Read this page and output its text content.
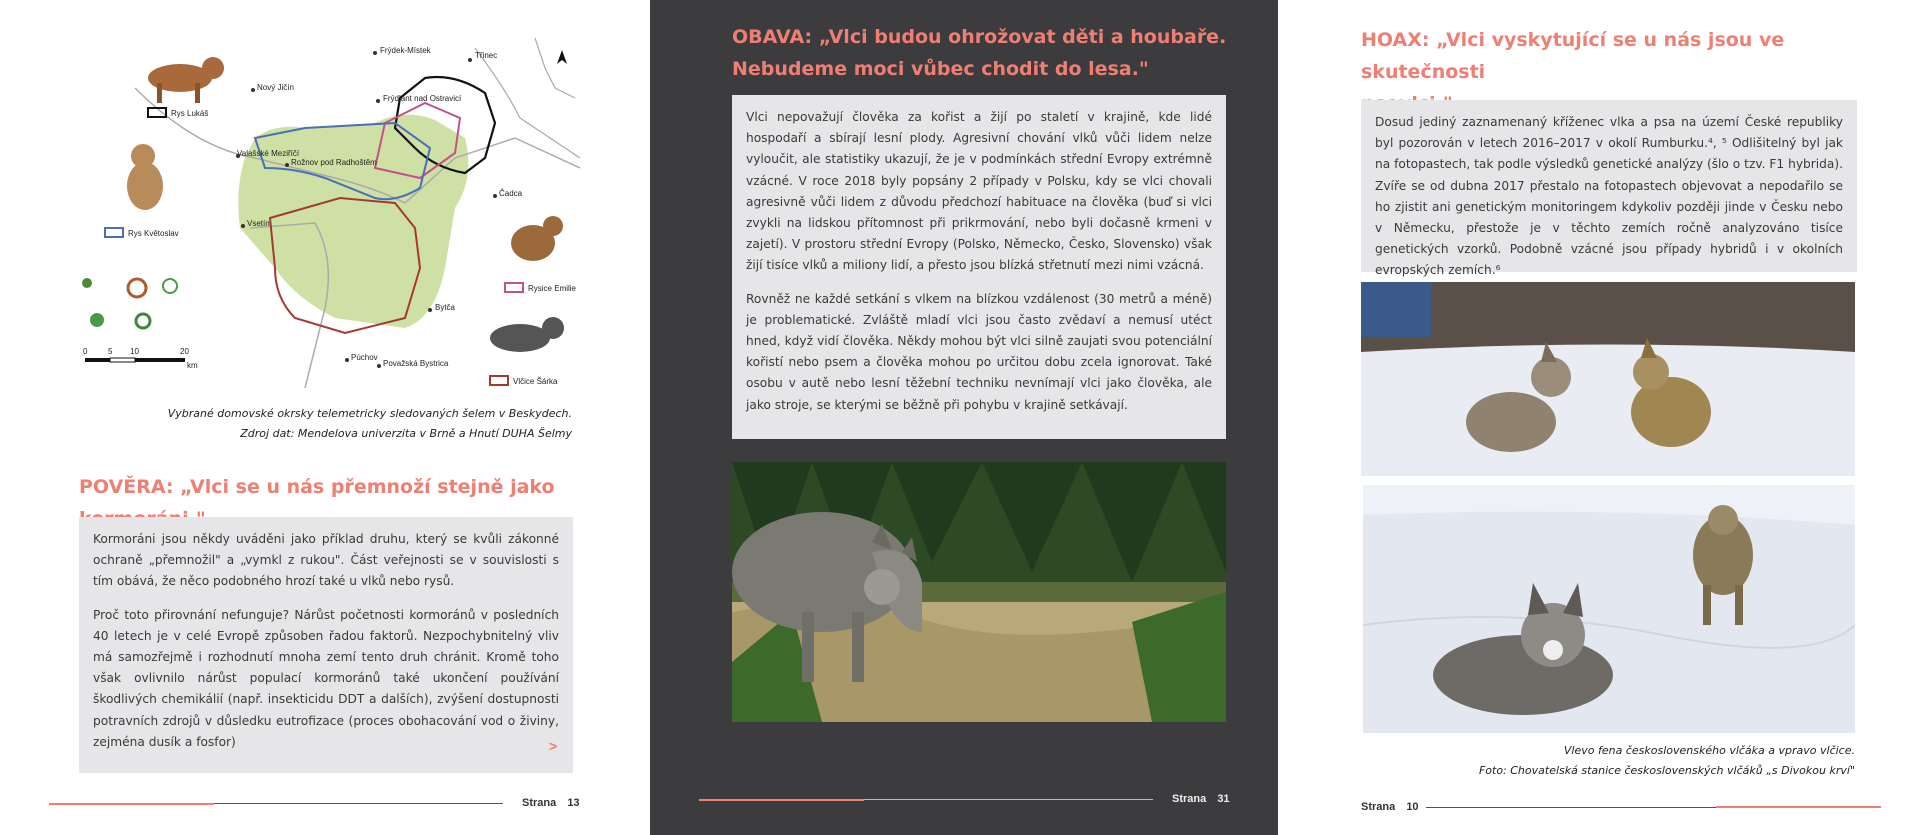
Frýdek-Místek
Nový Jičín
Frýdlant nad Ostravicí
Třinec
Valašské Meziříčí
Rožnov pod Radhoštěm
Vsetín
Čadca
Bytča
Púchov
Považská Bystrica
Rys Lukáš
Rys Květoslav
Rysice Emilie
Vlčice Šárka
0	5 10	20
km
Vybrané domovské okrsky telemetricky sledovaných šelem v Beskydech.
Zdroj dat: Mendelova univerzita v Brně a Hnutí DUHA Šelmy
POVĚRA: „Vlci se u nás přemnoží stejně jako

Kormoráni jsou někdy uváděni jako příklad druhu, který se kvůli zákonné ochraně „přemnožil" a „vymkl z rukou". Část veřejnosti se v souvislosti s tím obává, že něco podobného hrozí také u vlků nebo rysů.

Proč toto přirovnání nefunguje? Nárůst početnosti kormoránů v posledních 40 letech je v celé Evropě způsoben řadou faktorů. Nezpochybnitelný vliv má samozřejmě i rozhodnutí mnoha zemí tento druh chránit. Kromě toho však ovlivnilo nárůst populací kormoránů také ukončení používání škodlivých chemikálií (např. insekticidu DDT a dalších), zvýšení dostupnosti potravních zdrojů v důsledku eutrofizace (proces obohacování vod o živiny, zejména dusík a fosfor)	>
Strana 13
OBAVA: „Vlci budou ohrožovat děti a houbaře.
Nebudeme moci vůbec chodit do lesa."

Vlci nepovažují člověka za kořist a žijí po staletí v krajině, kde lidé hospodaří a sbírají lesní plody. Agresivní chování vlků vůči lidem nelze vyloučit, ale statistiky ukazují, že je v podmínkách střední Evropy extrémně vzácné. V roce 2018 byly popsány 2 případy v Polsku, kdy se vlci chovali agresivně vůči lidem z důvodu předchozí habituace na člověka (buď si vlci zvykli na lidskou přítomnost při prikrmování, nebo byli dočasně krmeni v zajetí). V prostoru střední Evropy (Polsko, Německo, Česko, Slovensko) však žijí tisíce vlků a miliony lidí, a přesto jsou blízká střetnutí mezi nimi vzácná.

Rovněž ne každé setkání s vlkem na blízkou vzdálenost (30 metrů a méně) je problematické. Zvláště mladí vlci jsou často zvědaví a nemusí utéct hned, když vidí člověka. Někdy mohou být vlci silně zaujati svou potenciální kořistí nebo psem a člověka mohou po určitou dobu zcela ignorovat. Také osobu v autě nebo lesní těžební techniku nevnímají vlci jako člověka, ale jako stroje, se kterými se běžně při pohybu v krajině setkávají.

Strana 31
HOAX: „Vlci vyskytující se u nás jsou ve skutečnosti

Dosud jediný zaznamenaný kříženec vlka a psa na území České republiky byl pozorován v letech 2016–2017 v okolí Rumburku.⁴, ⁵ Odlišitelný byl jak na fotopastech, tak podle výsledků genetické analýzy (šlo o tzv. F1 hybrida). Zvíře se od dubna 2017 přestalo na fotopastech objevovat a nepodařilo se ho zjistit ani genetickým monitoringem kdykoliv později jinde v Česku nebo v Německu, přestože je v těchto zemích ročně analyzováno tisíce genetických vzorků. Podobně vzácné jsou případy hybridů i v okolních evropských zemích.⁶

Vlevo fena československého vlčáka a vpravo vlčice.
Foto: Chovatelská stanice československých vlčáků „s Divokou krví"
Strana 10
